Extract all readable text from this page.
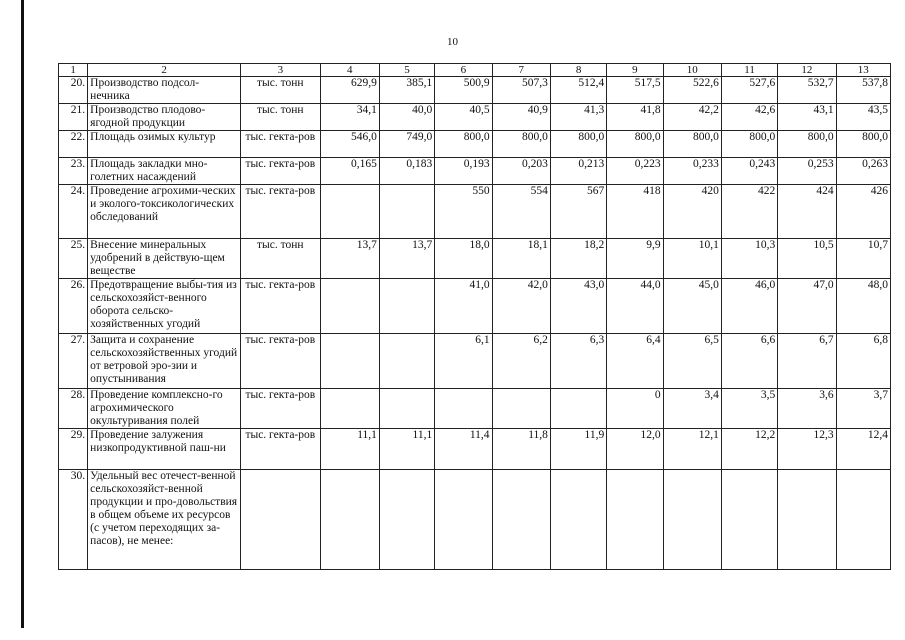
10
1	2	3	4	5	6	7	8	9	10	11	12	13
20.	Производство подсол-нечника	тыс. тонн	629,9	385,1	500,9	507,3	512,4	517,5	522,6	527,6	532,7	537,8
21.	Производство плодово-ягодной продукции	тыс. тонн	34,1	40,0	40,5	40,9	41,3	41,8	42,2	42,6	43,1	43,5
22.	Площадь озимых культур	тыс. гекта-ров	546,0	749,0	800,0	800,0	800,0	800,0	800,0	800,0	800,0	800,0
23.	Площадь закладки мно-голетних насаждений	тыс. гекта-ров	0,165	0,183	0,193	0,203	0,213	0,223	0,233	0,243	0,253	0,263
24.	Проведение агрохими-ческих и эколого-токсикологических обследований	тыс. гекта-ров			550	554	567	418	420	422	424	426
25.	Внесение минеральных удобрений в действую-щем веществе	тыс. тонн	13,7	13,7	18,0	18,1	18,2	9,9	10,1	10,3	10,5	10,7
26.	Предотвращение выбы-тия из сельскохозяйст-венного оборота сельско-хозяйственных угодий	тыс. гекта-ров			41,0	42,0	43,0	44,0	45,0	46,0	47,0	48,0
27.	Защита и сохранение сельскохозяйственных угодий от ветровой эро-зии и опустынивания	тыс. гекта-ров			6,1	6,2	6,3	6,4	6,5	6,6	6,7	6,8
28.	Проведение комплексно-го агрохимического окультуривания полей	тыс. гекта-ров						0	3,4	3,5	3,6	3,7
29.	Проведение залужения низкопродуктивной паш-ни	тыс. гекта-ров	11,1	11,1	11,4	11,8	11,9	12,0	12,1	12,2	12,3	12,4
30.	Удельный вес отечест-венной сельскохозяйст-венной продукции и про-довольствия в общем объеме их ресурсов (с учетом переходящих за-пасов), не менее:											
